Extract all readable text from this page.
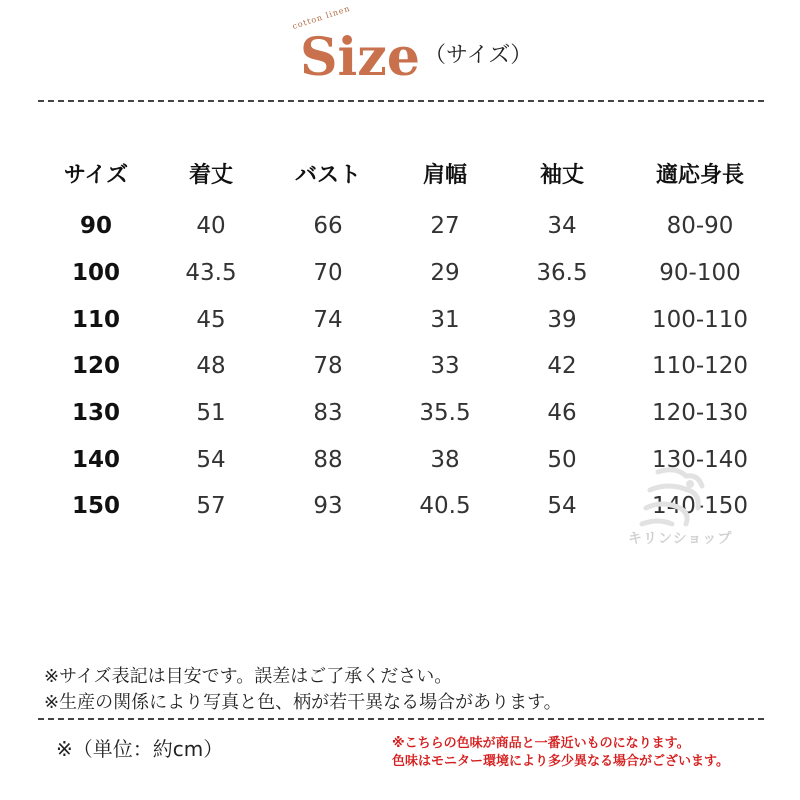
cotton linen
Size （サイズ）
サイズ	着丈	バスト	肩幅	袖丈	適応身長
90	40	66	27	34	80-90
100	43.5	70	29	36.5	90-100
110	45	74	31	39	100-110
120	48	78	33	42	110-120
130	51	83	35.5	46	120-130
140	54	88	38	50	130-140
150	57	93	40.5	54	140-150
キリンショップ
※サイズ表記は目安です。誤差はご了承ください。
※生産の関係により写真と色、柄が若干異なる場合があります。
※（単位：約cm）	※こちらの色味が商品と一番近いものになります。
色味はモニター環境により多少異なる場合がございます。
